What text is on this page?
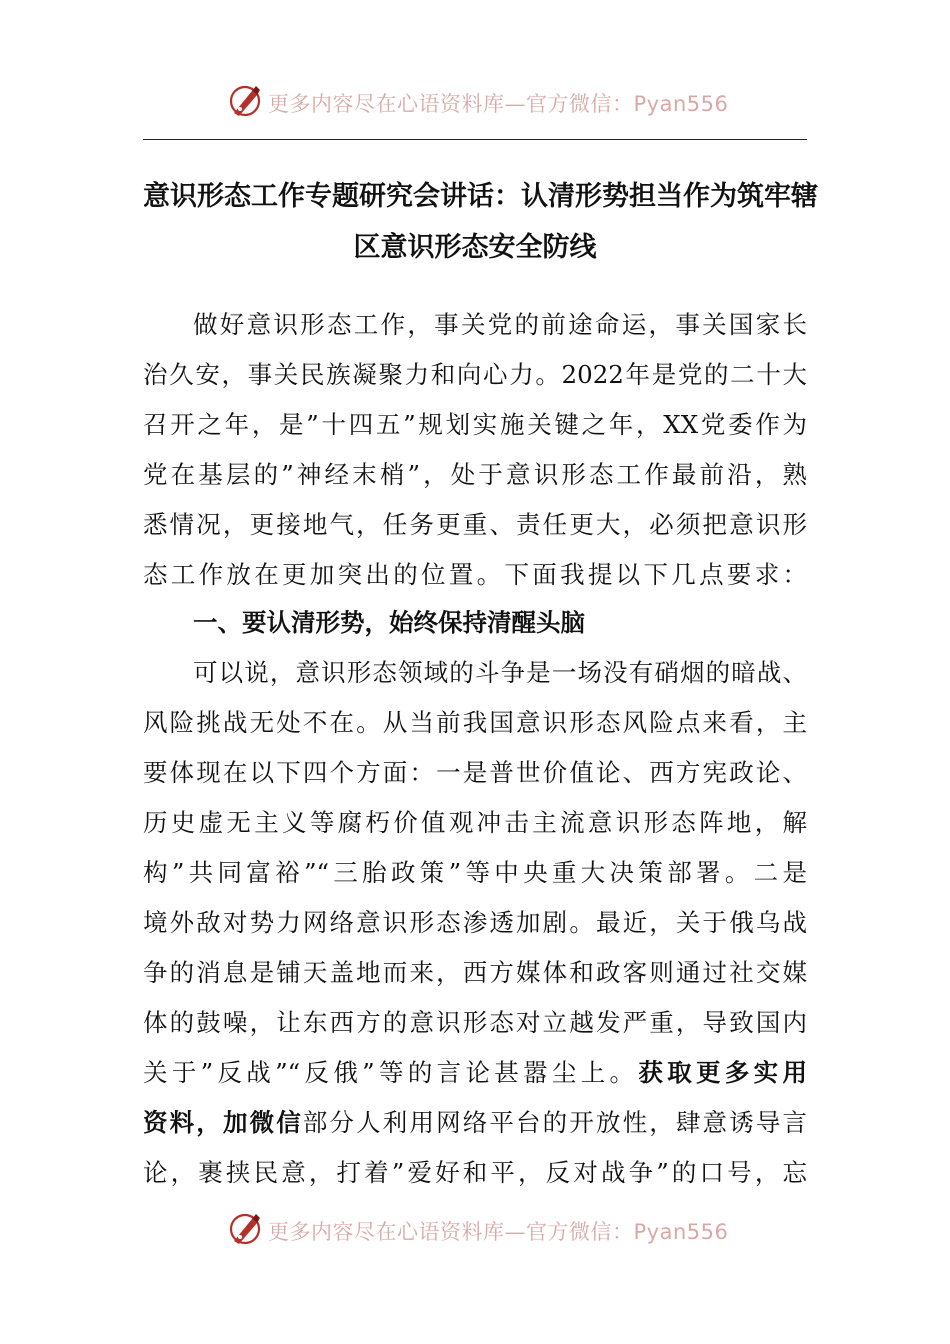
更多内容尽在心语资料库—官方微信：Pyan556
意识形态工作专题研究会讲话：认清形势担当作为筑牢辖
区意识形态安全防线
做好意识形态工作，事关党的前途命运，事关国家长
治久安，事关民族凝聚力和向心力。2022年是党的二十大
召开之年，是”十四五”规划实施关键之年，XX党委作为
党在基层的”神经末梢”，处于意识形态工作最前沿，熟
悉情况，更接地气，任务更重、责任更大，必须把意识形
态工作放在更加突出的位置。下面我提以下几点要求：
一、要认清形势，始终保持清醒头脑
可以说，意识形态领域的斗争是一场没有硝烟的暗战、
风险挑战无处不在。从当前我国意识形态风险点来看，主
要体现在以下四个方面：一是普世价值论、西方宪政论、
历史虚无主义等腐朽价值观冲击主流意识形态阵地，解
构”共同富裕”“三胎政策”等中央重大决策部署。二是
境外敌对势力网络意识形态渗透加剧。最近，关于俄乌战
争的消息是铺天盖地而来，西方媒体和政客则通过社交媒
体的鼓噪，让东西方的意识形态对立越发严重，导致国内
关于”反战”“反俄”等的言论甚嚣尘上。获取更多实用
资料，加微信部分人利用网络平台的开放性，肆意诱导言
论，裹挟民意，打着”爱好和平，反对战争”的口号，忘
更多内容尽在心语资料库—官方微信：Pyan556
